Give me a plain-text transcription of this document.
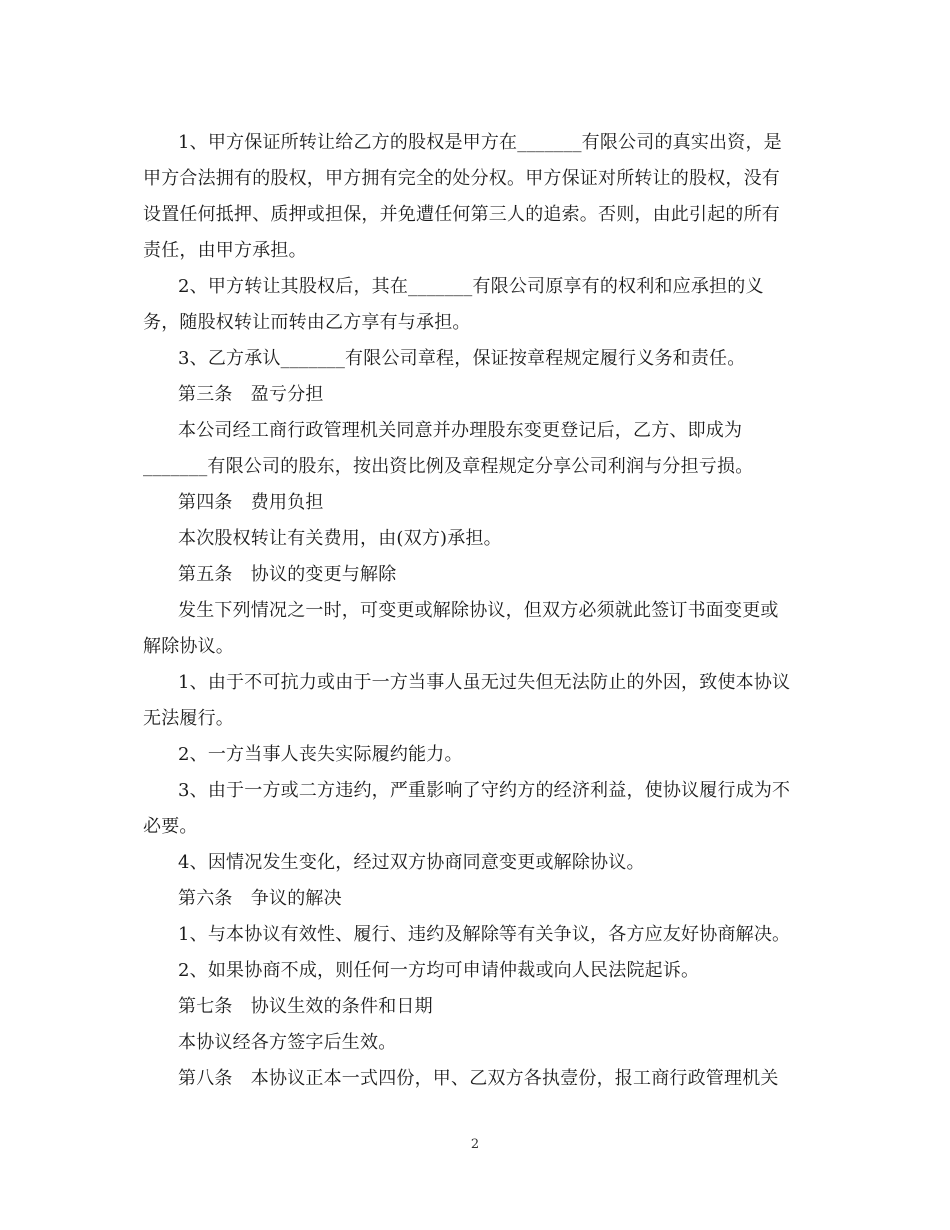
1、甲方保证所转让给乙方的股权是甲方在_______有限公司的真实出资，是
甲方合法拥有的股权，甲方拥有完全的处分权。甲方保证对所转让的股权，没有
设置任何抵押、质押或担保，并免遭任何第三人的追索。否则，由此引起的所有
责任，由甲方承担。
2、甲方转让其股权后，其在_______有限公司原享有的权利和应承担的义
务，随股权转让而转由乙方享有与承担。
3、乙方承认_______有限公司章程，保证按章程规定履行义务和责任。
第三条　盈亏分担
本公司经工商行政管理机关同意并办理股东变更登记后，乙方、即成为
_______有限公司的股东，按出资比例及章程规定分享公司利润与分担亏损。
第四条　费用负担
本次股权转让有关费用，由(双方)承担。
第五条　协议的变更与解除
发生下列情况之一时，可变更或解除协议，但双方必须就此签订书面变更或
解除协议。
1、由于不可抗力或由于一方当事人虽无过失但无法防止的外因，致使本协议
无法履行。
2、一方当事人丧失实际履约能力。
3、由于一方或二方违约，严重影响了守约方的经济利益，使协议履行成为不
必要。
4、因情况发生变化，经过双方协商同意变更或解除协议。
第六条　争议的解决
1、与本协议有效性、履行、违约及解除等有关争议，各方应友好协商解决。
2、如果协商不成，则任何一方均可申请仲裁或向人民法院起诉。
第七条　协议生效的条件和日期
本协议经各方签字后生效。
第八条　本协议正本一式四份，甲、乙双方各执壹份，报工商行政管理机关
2
